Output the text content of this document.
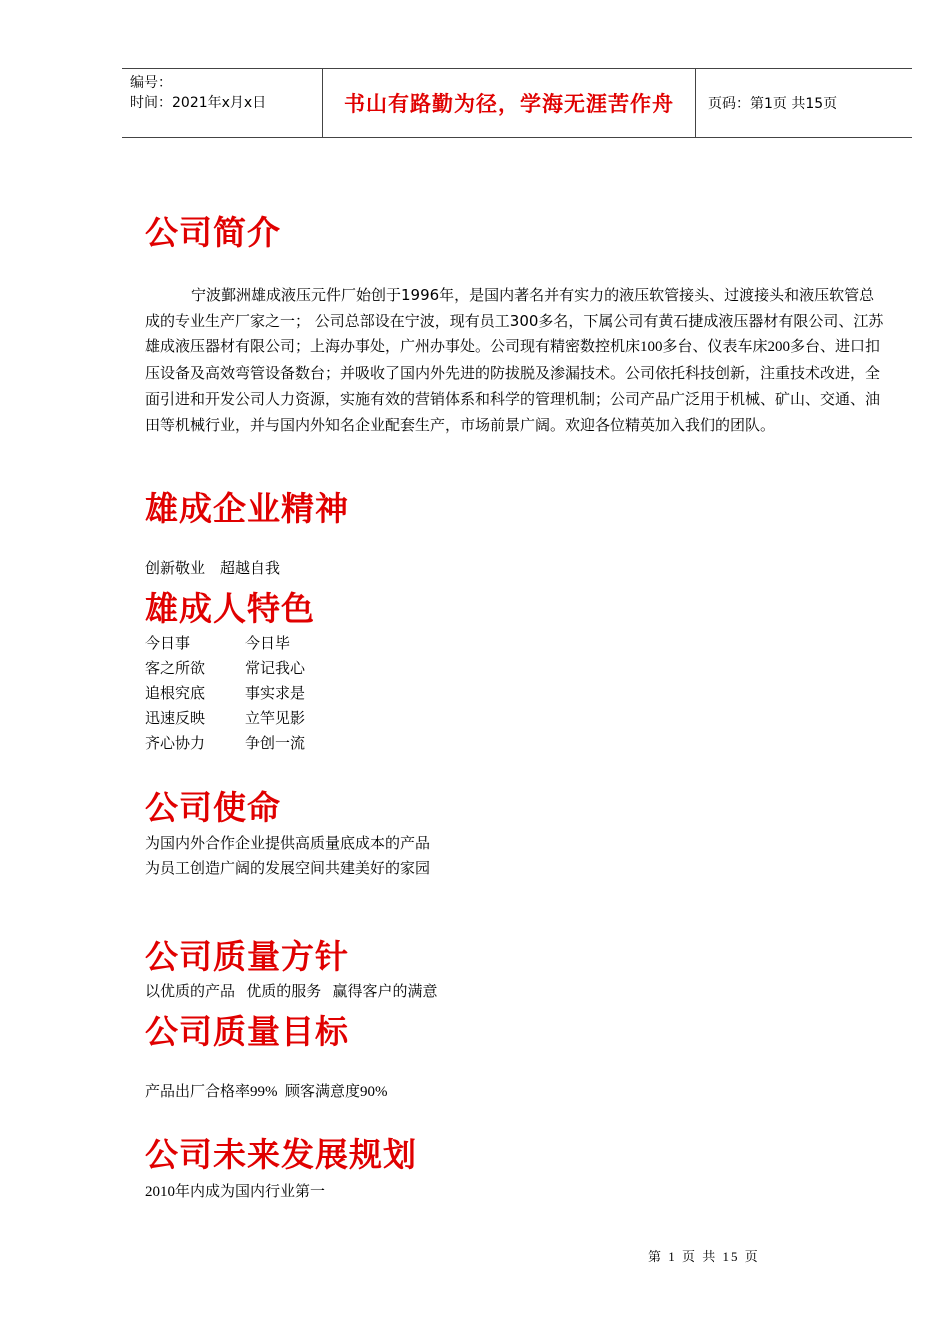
编号：
时间：2021年x月x日	书山有路勤为径，学海无涯苦作舟 页码：第1页 共15页
公司简介

宁波鄞洲雄成液压元件厂始创于1996年，是国内著名并有实力的液压软管接头、过渡接头和液压软管总成的专业生产厂家之一； 公司总部设在宁波，现有员工300多名，下属公司有黄石捷成液压器材有限公司、江苏雄成液压器材有限公司；上海办事处，广州办事处。公司现有精密数控机床100多台、仪表车床200多台、进口扣压设备及高效弯管设备数台；并吸收了国内外先进的防拔脱及渗漏技术。公司依托科技创新，注重技术改进，全面引进和开发公司人力资源，实施有效的营销体系和科学的管理机制；公司产品广泛用于机械、矿山、交通、油田等机械行业，并与国内外知名企业配套生产，市场前景广阔。欢迎各位精英加入我们的团队。

雄成企业精神

创新敬业    超越自我

雄成人特色
今日事	今日毕
客之所欲	常记我心
追根究底	事实求是
迅速反映	立竿见影
齐心协力	争创一流
公司使命

为国内外合作企业提供高质量底成本的产品

为员工创造广阔的发展空间共建美好的家园

公司质量方针

以优质的产品   优质的服务   赢得客户的满意

公司质量目标

产品出厂合格率99%  顾客满意度90%

公司未来发展规划

2010年内成为国内行业第一

第 1 页 共 15 页
